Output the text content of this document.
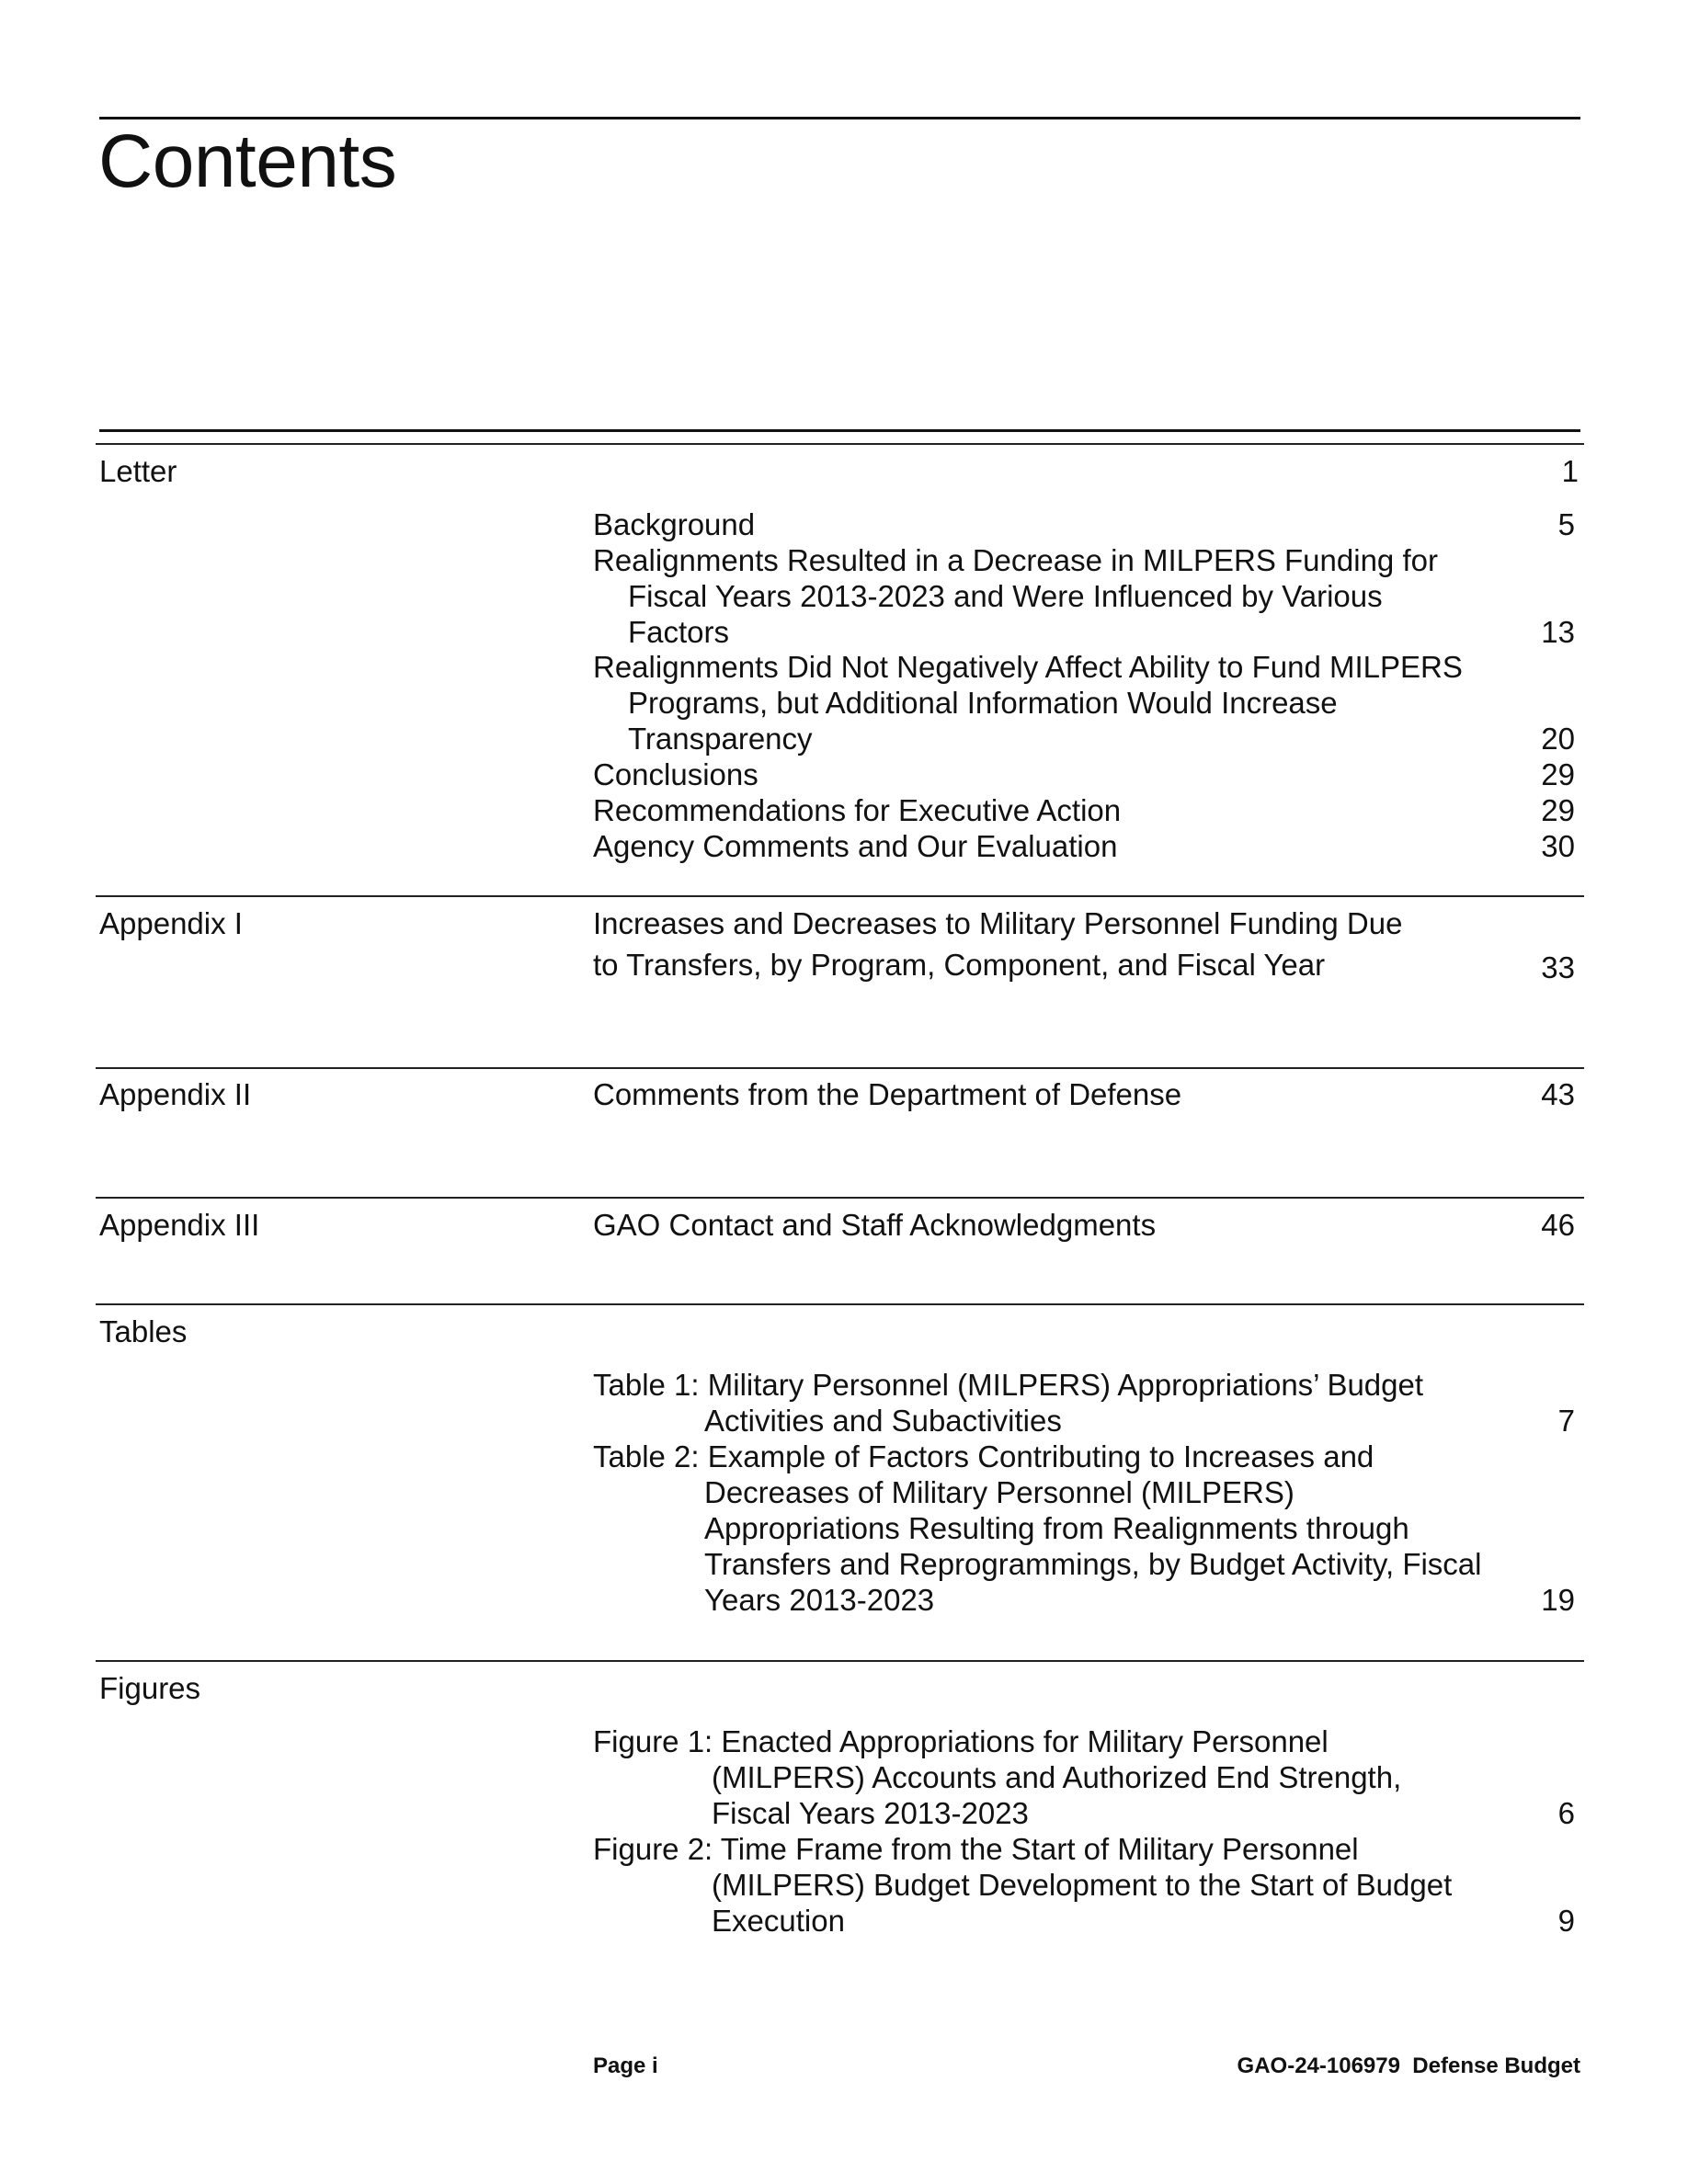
Contents
Letter	1
Background	5
Realignments Resulted in a Decrease in MILPERS Funding for
Fiscal Years 2013-2023 and Were Influenced by Various
Factors	13
Realignments Did Not Negatively Affect Ability to Fund MILPERS
Programs, but Additional Information Would Increase
Transparency	20
Conclusions	29
Recommendations for Executive Action	29
Agency Comments and Our Evaluation	30
Appendix I	Increases and Decreases to Military Personnel Funding Due
to Transfers, by Program, Component, and Fiscal Year	33
Appendix II	Comments from the Department of Defense	43
Appendix III	GAO Contact and Staff Acknowledgments	46
Tables
Table 1: Military Personnel (MILPERS) Appropriations’ Budget
Activities and Subactivities	7
Table 2: Example of Factors Contributing to Increases and
Decreases of Military Personnel (MILPERS)
Appropriations Resulting from Realignments through
Transfers and Reprogrammings, by Budget Activity, Fiscal
Years 2013-2023	19
Figures
Figure 1: Enacted Appropriations for Military Personnel
(MILPERS) Accounts and Authorized End Strength,
Fiscal Years 2013-2023	6
Figure 2: Time Frame from the Start of Military Personnel
(MILPERS) Budget Development to the Start of Budget
Execution	9
Page i	GAO-24-106979  Defense Budget
